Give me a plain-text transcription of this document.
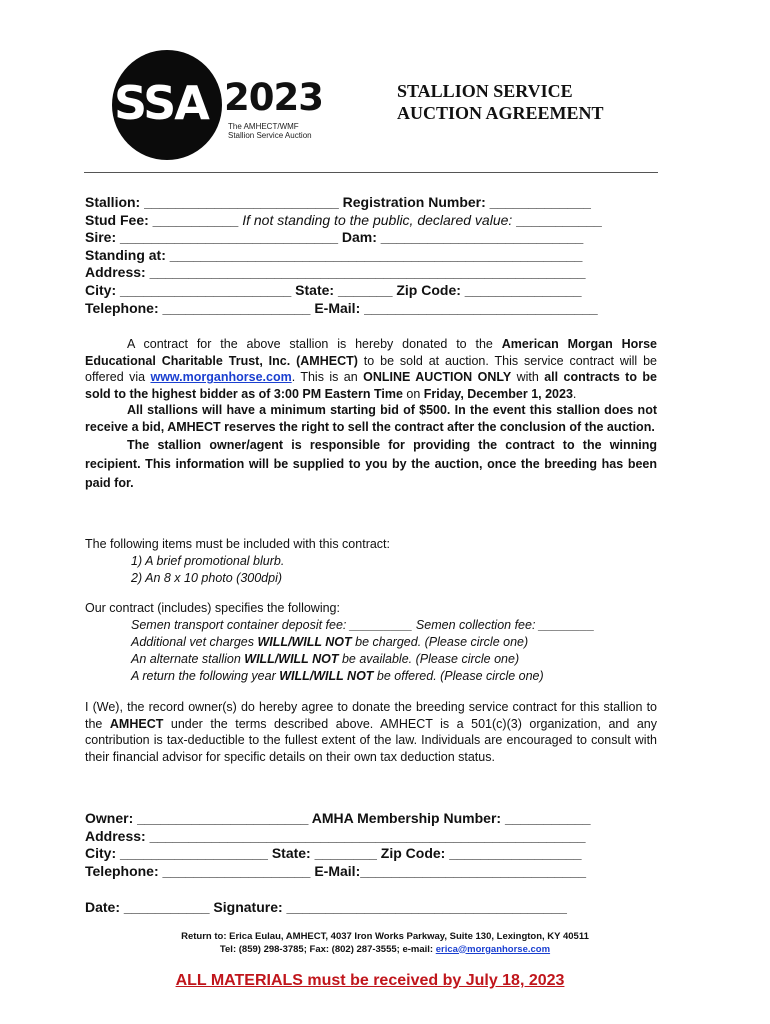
SSA 2023
The AMHECT/WMF
Stallion Service Auction
STALLION SERVICE
AUCTION AGREEMENT
Stallion: _________________________ Registration Number: _____________
Stud Fee: ___________ If not standing to the public, declared value: ___________
Sire: ____________________________ Dam: __________________________
Standing at: _____________________________________________________
Address: ________________________________________________________
City: ______________________ State: _______ Zip Code: _______________
Telephone: ___________________ E-Mail: ______________________________

A contract for the above stallion is hereby donated to the American Morgan Horse Educational Charitable Trust, Inc. (AMHECT) to be sold at auction. This service contract will be offered via www.morganhorse.com. This is an ONLINE AUCTION ONLY with all contracts to be sold to the highest bidder as of 3:00 PM Eastern Time on Friday, December 1, 2023.

All stallions will have a minimum starting bid of $500. In the event this stallion does not receive a bid, AMHECT reserves the right to sell the contract after the conclusion of the auction.

The stallion owner/agent is responsible for providing the contract to the winning recipient. This information will be supplied to you by the auction, once the breeding has been paid for.

The following items must be included with this contract:
1) A brief promotional blurb.
2) An 8 x 10 photo (300dpi)
Our contract (includes) specifies the following:
Semen transport container deposit fee: _________ Semen collection fee: ________
Additional vet charges WILL/WILL NOT be charged. (Please circle one)
An alternate stallion WILL/WILL NOT be available. (Please circle one)
A return the following year WILL/WILL NOT be offered. (Please circle one)
I (We), the record owner(s) do hereby agree to donate the breeding service contract for this stallion to the AMHECT under the terms described above. AMHECT is a 501(c)(3) organization, and any contribution is tax-deductible to the fullest extent of the law. Individuals are encouraged to consult with their financial advisor for specific details on their own tax deduction status.
Owner: ______________________ AMHA Membership Number: ___________
Address: ________________________________________________________
City: ___________________ State: ________ Zip Code: _________________
Telephone: ___________________ E-Mail:_____________________________
Date: ___________ Signature: ____________________________________
Return to: Erica Eulau, AMHECT, 4037 Iron Works Parkway, Suite 130, Lexington, KY 40511
Tel: (859) 298-3785; Fax: (802) 287-3555; e-mail: erica@morganhorse.com
ALL MATERIALS must be received by July 18, 2023
